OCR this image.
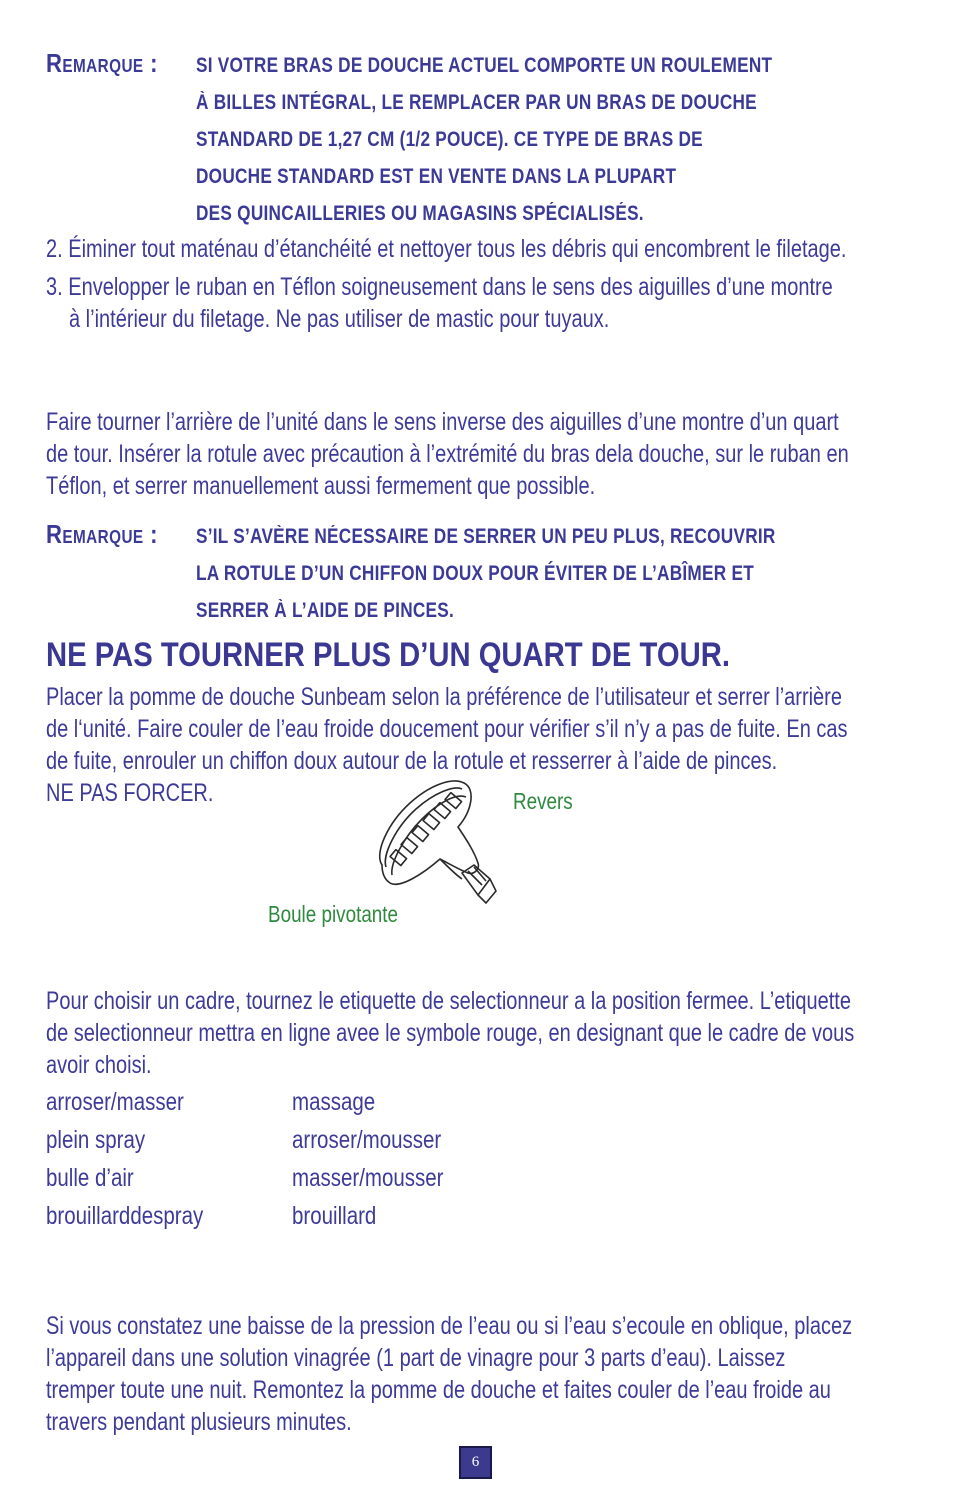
Remarque : SI VOTRE BRAS DE DOUCHE ACTUEL COMPORTE UN ROULEMENT
À BILLES INTÉGRAL, LE REMPLACER PAR UN BRAS DE DOUCHE
STANDARD DE 1,27 CM (1/2 POUCE). CE TYPE DE BRAS DE
DOUCHE STANDARD EST EN VENTE DANS LA PLUPART
DES QUINCAILLERIES OU MAGASINS SPÉCIALISÉS.
2. Éiminer tout maténau d’étanchéité et nettoyer tous les débris qui encombrent le filetage.
3. Envelopper le ruban en Téflon soigneusement dans le sens des aiguilles d’une montre
à l’intérieur du filetage. Ne pas utiliser de mastic pour tuyaux.
Faire tourner l’arrière de l’unité dans le sens inverse des aiguilles d’une montre d’un quart
de tour. Insérer la rotule avec précaution à l’extrémité du bras dela douche, sur le ruban en
Téflon, et serrer manuellement aussi fermement que possible.
Remarque : S’IL S’AVÈRE NÉCESSAIRE DE SERRER UN PEU PLUS, RECOUVRIR
LA ROTULE D’UN CHIFFON DOUX POUR ÉVITER DE L’ABÎMER ET
SERRER À L’AIDE DE PINCES.
NE PAS TOURNER PLUS D’UN QUART DE TOUR.
Placer la pomme de douche Sunbeam selon la préférence de l’utilisateur et serrer l’arrière
de l‘unité. Faire couler de l’eau froide doucement pour vérifier s’il n’y a pas de fuite. En cas
de fuite, enrouler un chiffon doux autour de la rotule et resserrer à l’aide de pinces.
NE PAS FORCER.	Revers
Boule pivotante
Pour choisir un cadre, tournez le etiquette de selectionneur a la position fermee. L’etiquette
de selectionneur mettra en ligne avee le symbole rouge, en designant que le cadre de vous
avoir choisi.
arroser/masser
plein spray
bulle d’air
brouillarddespray
massage
arroser/mousser
masser/mousser
brouillard
Si vous constatez une baisse de la pression de l’eau ou si l’eau s’ecoule en oblique, placez
l’appareil dans une solution vinagrée (1 part de vinagre pour 3 parts d’eau). Laissez
tremper toute une nuit. Remontez la pomme de douche et faites couler de l’eau froide au
travers pendant plusieurs minutes.
6
